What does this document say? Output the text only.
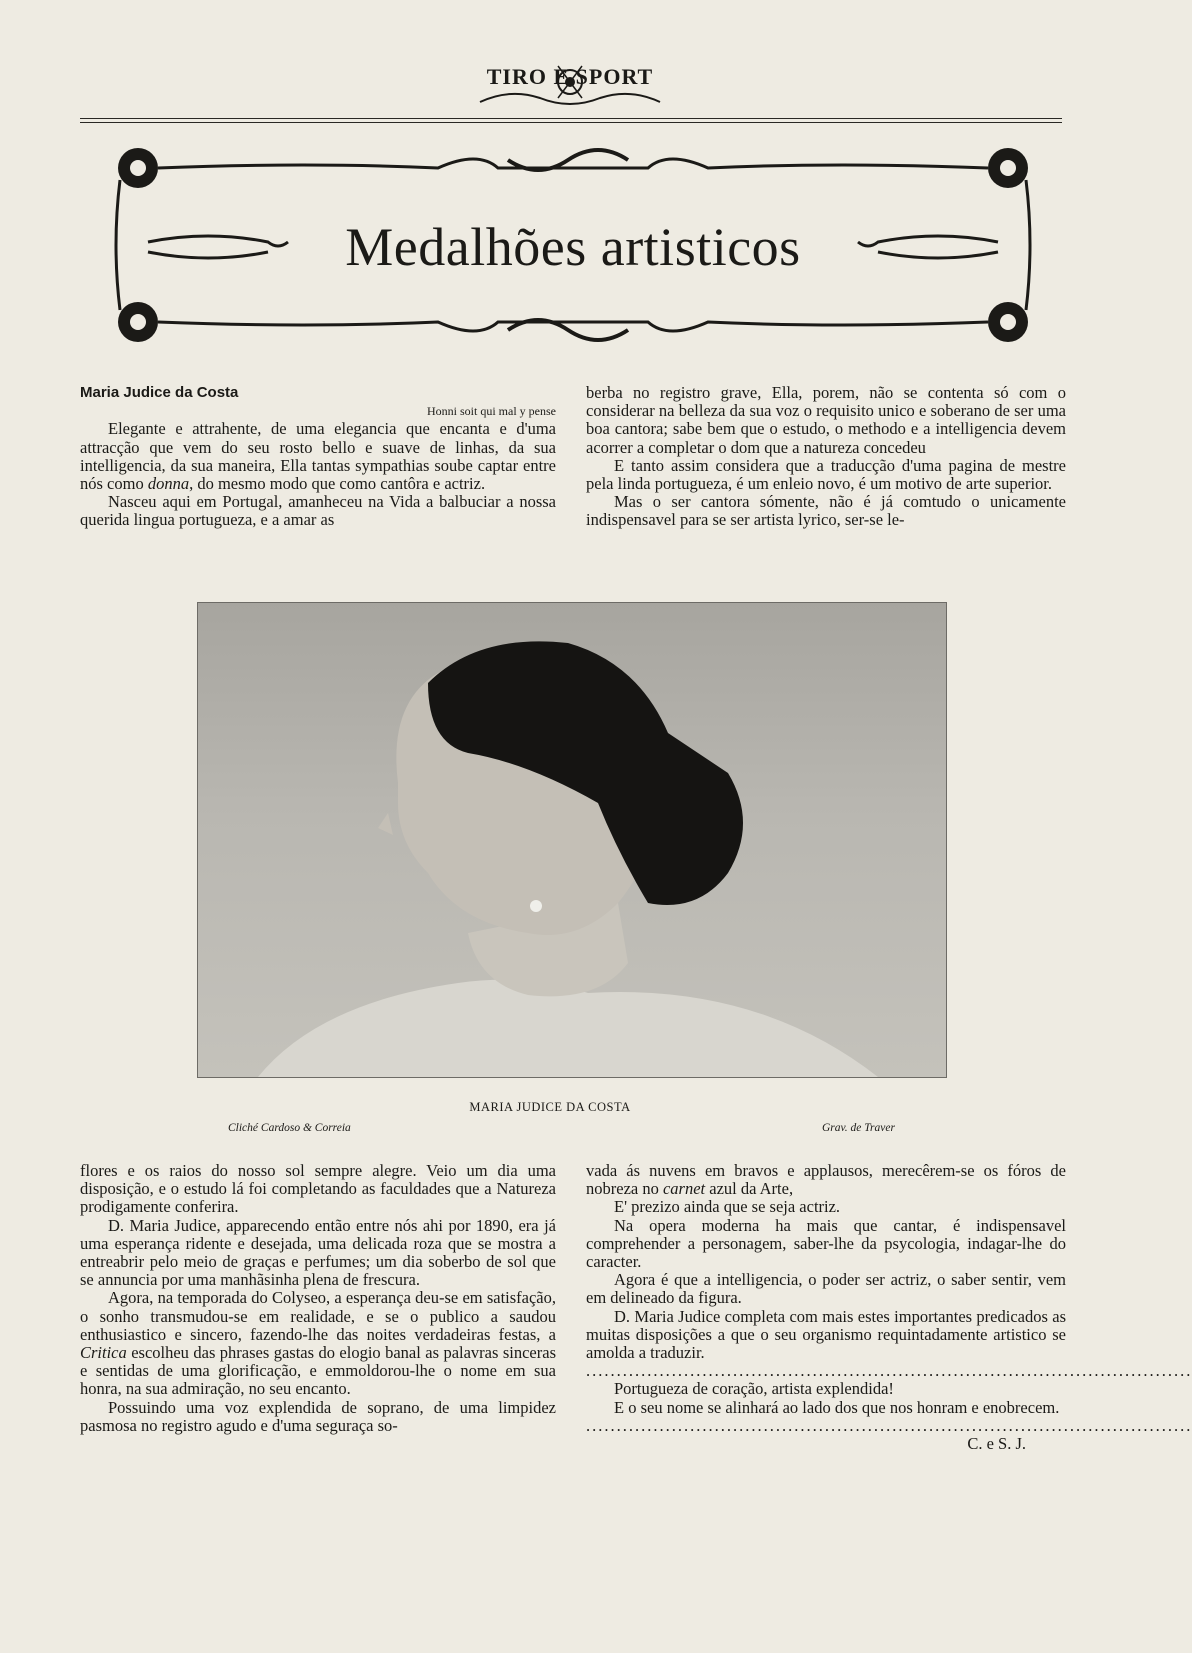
TIRO E SPORT
Medalhões artisticos

Maria Judice da Costa

Honni soit qui mal y pense

Elegante e attrahente, de uma elegancia que encanta e d'uma attracção que vem do seu rosto bello e suave de linhas, da sua intelligencia, da sua maneira, Ella tantas sympathias soube captar entre nós como donna, do mesmo modo que como cantôra e actriz.

Nasceu aqui em Portugal, amanheceu na Vida a balbuciar a nossa querida lingua portugueza, e a amar as

berba no registro grave, Ella, porem, não se contenta só com o considerar na belleza da sua voz o requisito unico e soberano de ser uma boa cantora; sabe bem que o estudo, o methodo e a intelligencia devem acorrer a completar o dom que a natureza concedeu

E tanto assim considera que a traducção d'uma pagina de mestre pela linda portugueza, é um enleio novo, é um motivo de arte superior.

Mas o ser cantora sómente, não é já comtudo o unicamente indispensavel para se ser artista lyrico, ser-se le-

MARIA JUDICE DA COSTA
Cliché Cardoso & Correia	Grav. de Traver

flores e os raios do nosso sol sempre alegre. Veio um dia uma disposição, e o estudo lá foi completando as faculdades que a Natureza prodigamente conferira.

D. Maria Judice, apparecendo então entre nós ahi por 1890, era já uma esperança ridente e desejada, uma delicada roza que se mostra a entreabrir pelo meio de graças e perfumes; um dia soberbo de sol que se annuncia por uma manhãsinha plena de frescura.

Agora, na temporada do Colyseo, a esperança deu-se em satisfação, o sonho transmudou-se em realidade, e se o publico a saudou enthusiastico e sincero, fazendo-lhe das noites verdadeiras festas, a Critica escolheu das phrases gastas do elogio banal as palavras sinceras e sentidas de uma glorificação, e emmoldorou-lhe o nome em sua honra, na sua admiração, no seu encanto.

Possuindo uma voz explendida de soprano, de uma limpidez pasmosa no registro agudo e d'uma seguraça so-

vada ás nuvens em bravos e applausos, merecêrem-se os fóros de nobreza no carnet azul da Arte,

E' prezizo ainda que se seja actriz.

Na opera moderna ha mais que cantar, é indispensavel comprehender a personagem, saber-lhe da psycologia, indagar-lhe do caracter.

Agora é que a intelligencia, o poder ser actriz, o saber sentir, vem em delineado da figura.

D. Maria Judice completa com mais estes importantes predicados as muitas disposições a que o seu organismo requintadamente artistico se amolda a traduzir.

...................................................................................................

Portugueza de coração, artista explendida!

E o seu nome se alinhará ao lado dos que nos honram e enobrecem.

...................................................................................................

C. e S. J.
